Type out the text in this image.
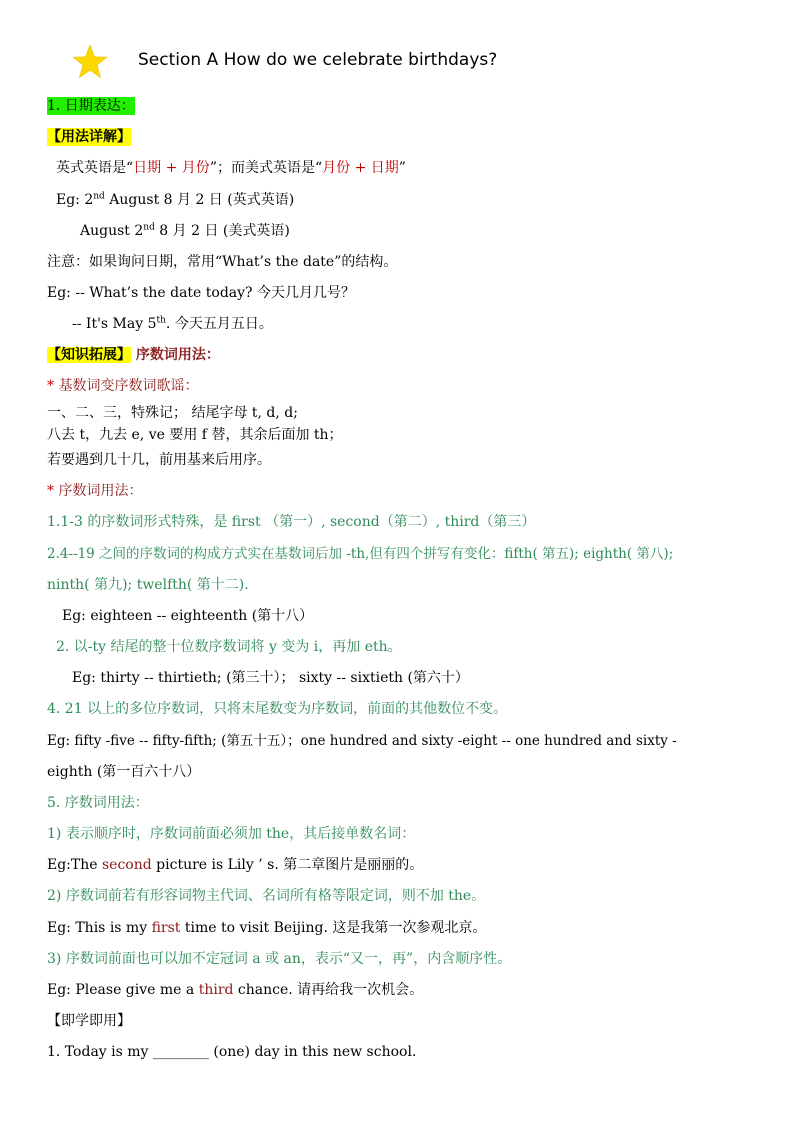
Section A How do we celebrate birthdays?
1. 日期表达：
【用法详解】
英式英语是“日期 + 月份”；而美式英语是“月份 + 日期”
Eg: 2nd August 8 月 2 日 (英式英语)
August 2nd 8 月 2 日 (美式英语)
注意：如果询问日期，常用“What’s the date”的结构。
Eg: -- What’s the date today? 今天几月几号？
-- It's May 5th. 今天五月五日。
【知识拓展】 序数词用法：
* 基数词变序数词歌谣：
一、二、三，特殊记； 结尾字母 t, d, d;
八去 t，九去 e, ve 要用 f 替，其余后面加 th；
若要遇到几十几，前用基来后用序。
* 序数词用法：
1.1-3 的序数词形式特殊，是 first （第一）, second（第二）, third（第三）
2.4--19 之间的序数词的构成方式实在基数词后加 -th,但有四个拼写有变化：fifth( 第五); eighth( 第八);
ninth( 第九); twelfth( 第十二).
Eg: eighteen -- eighteenth (第十八）
2. 以-ty 结尾的整十位数序数词将 y 变为 i，再加 eth。
Eg: thirty -- thirtieth; (第三十）； sixty -- sixtieth (第六十）
4. 21 以上的多位序数词，只将末尾数变为序数词，前面的其他数位不变。
Eg: fifty -five -- fifty-fifth; (第五十五）；one hundred and sixty -eight -- one hundred and sixty -
eighth (第一百六十八）
5. 序数词用法：
1) 表示顺序时，序数词前面必须加 the，其后接单数名词：
Eg:The second picture is Lily ’ s. 第二章图片是丽丽的。
2) 序数词前若有形容词物主代词、名词所有格等限定词，则不加 the。
Eg: This is my first time to visit Beijing. 这是我第一次参观北京。
3) 序数词前面也可以加不定冠词 a 或 an，表示“又一，再”，内含顺序性。
Eg: Please give me a third chance. 请再给我一次机会。
【即学即用】
1. Today is my ________ (one) day in this new school.
